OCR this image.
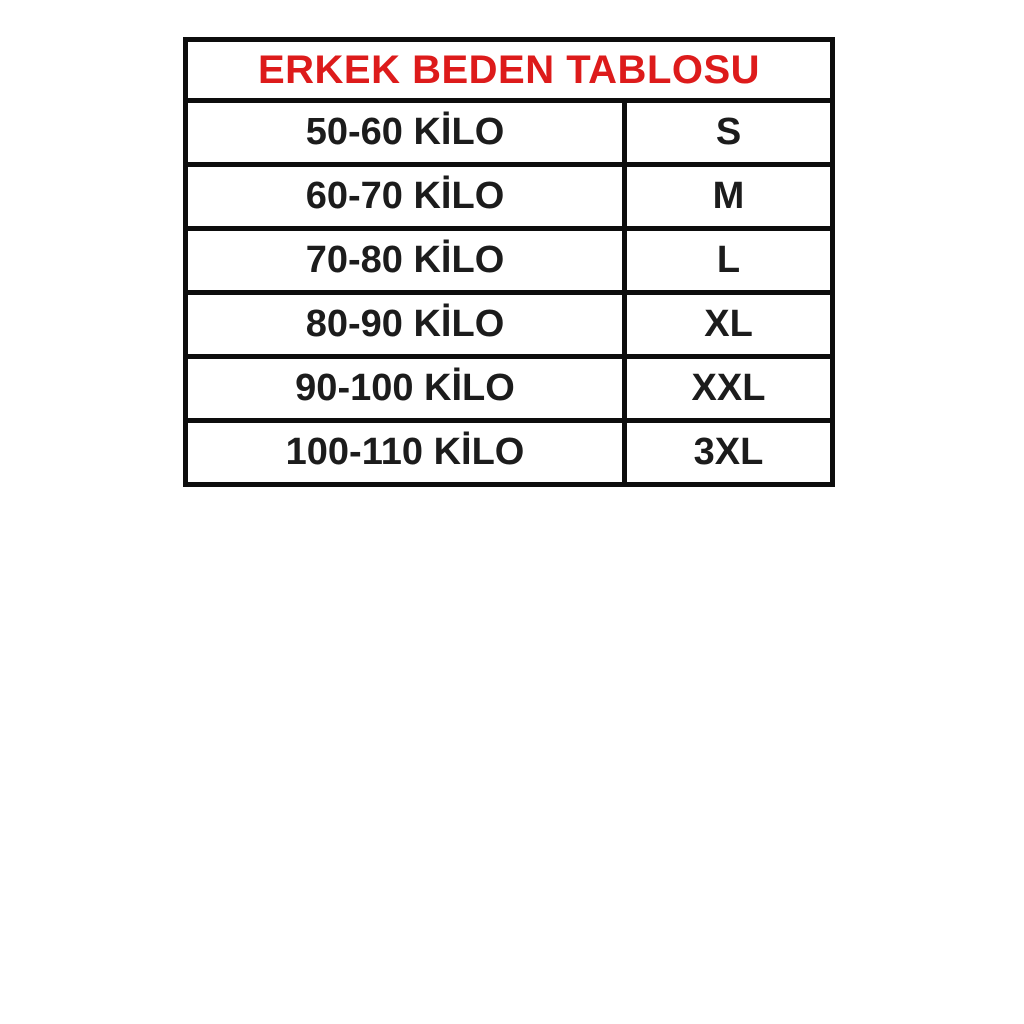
ERKEK BEDEN TABLOSU	
50-60 KİLO	S
60-70 KİLO	M
70-80 KİLO	L
80-90 KİLO	XL
90-100 KİLO	XXL
100-110 KİLO	3XL
